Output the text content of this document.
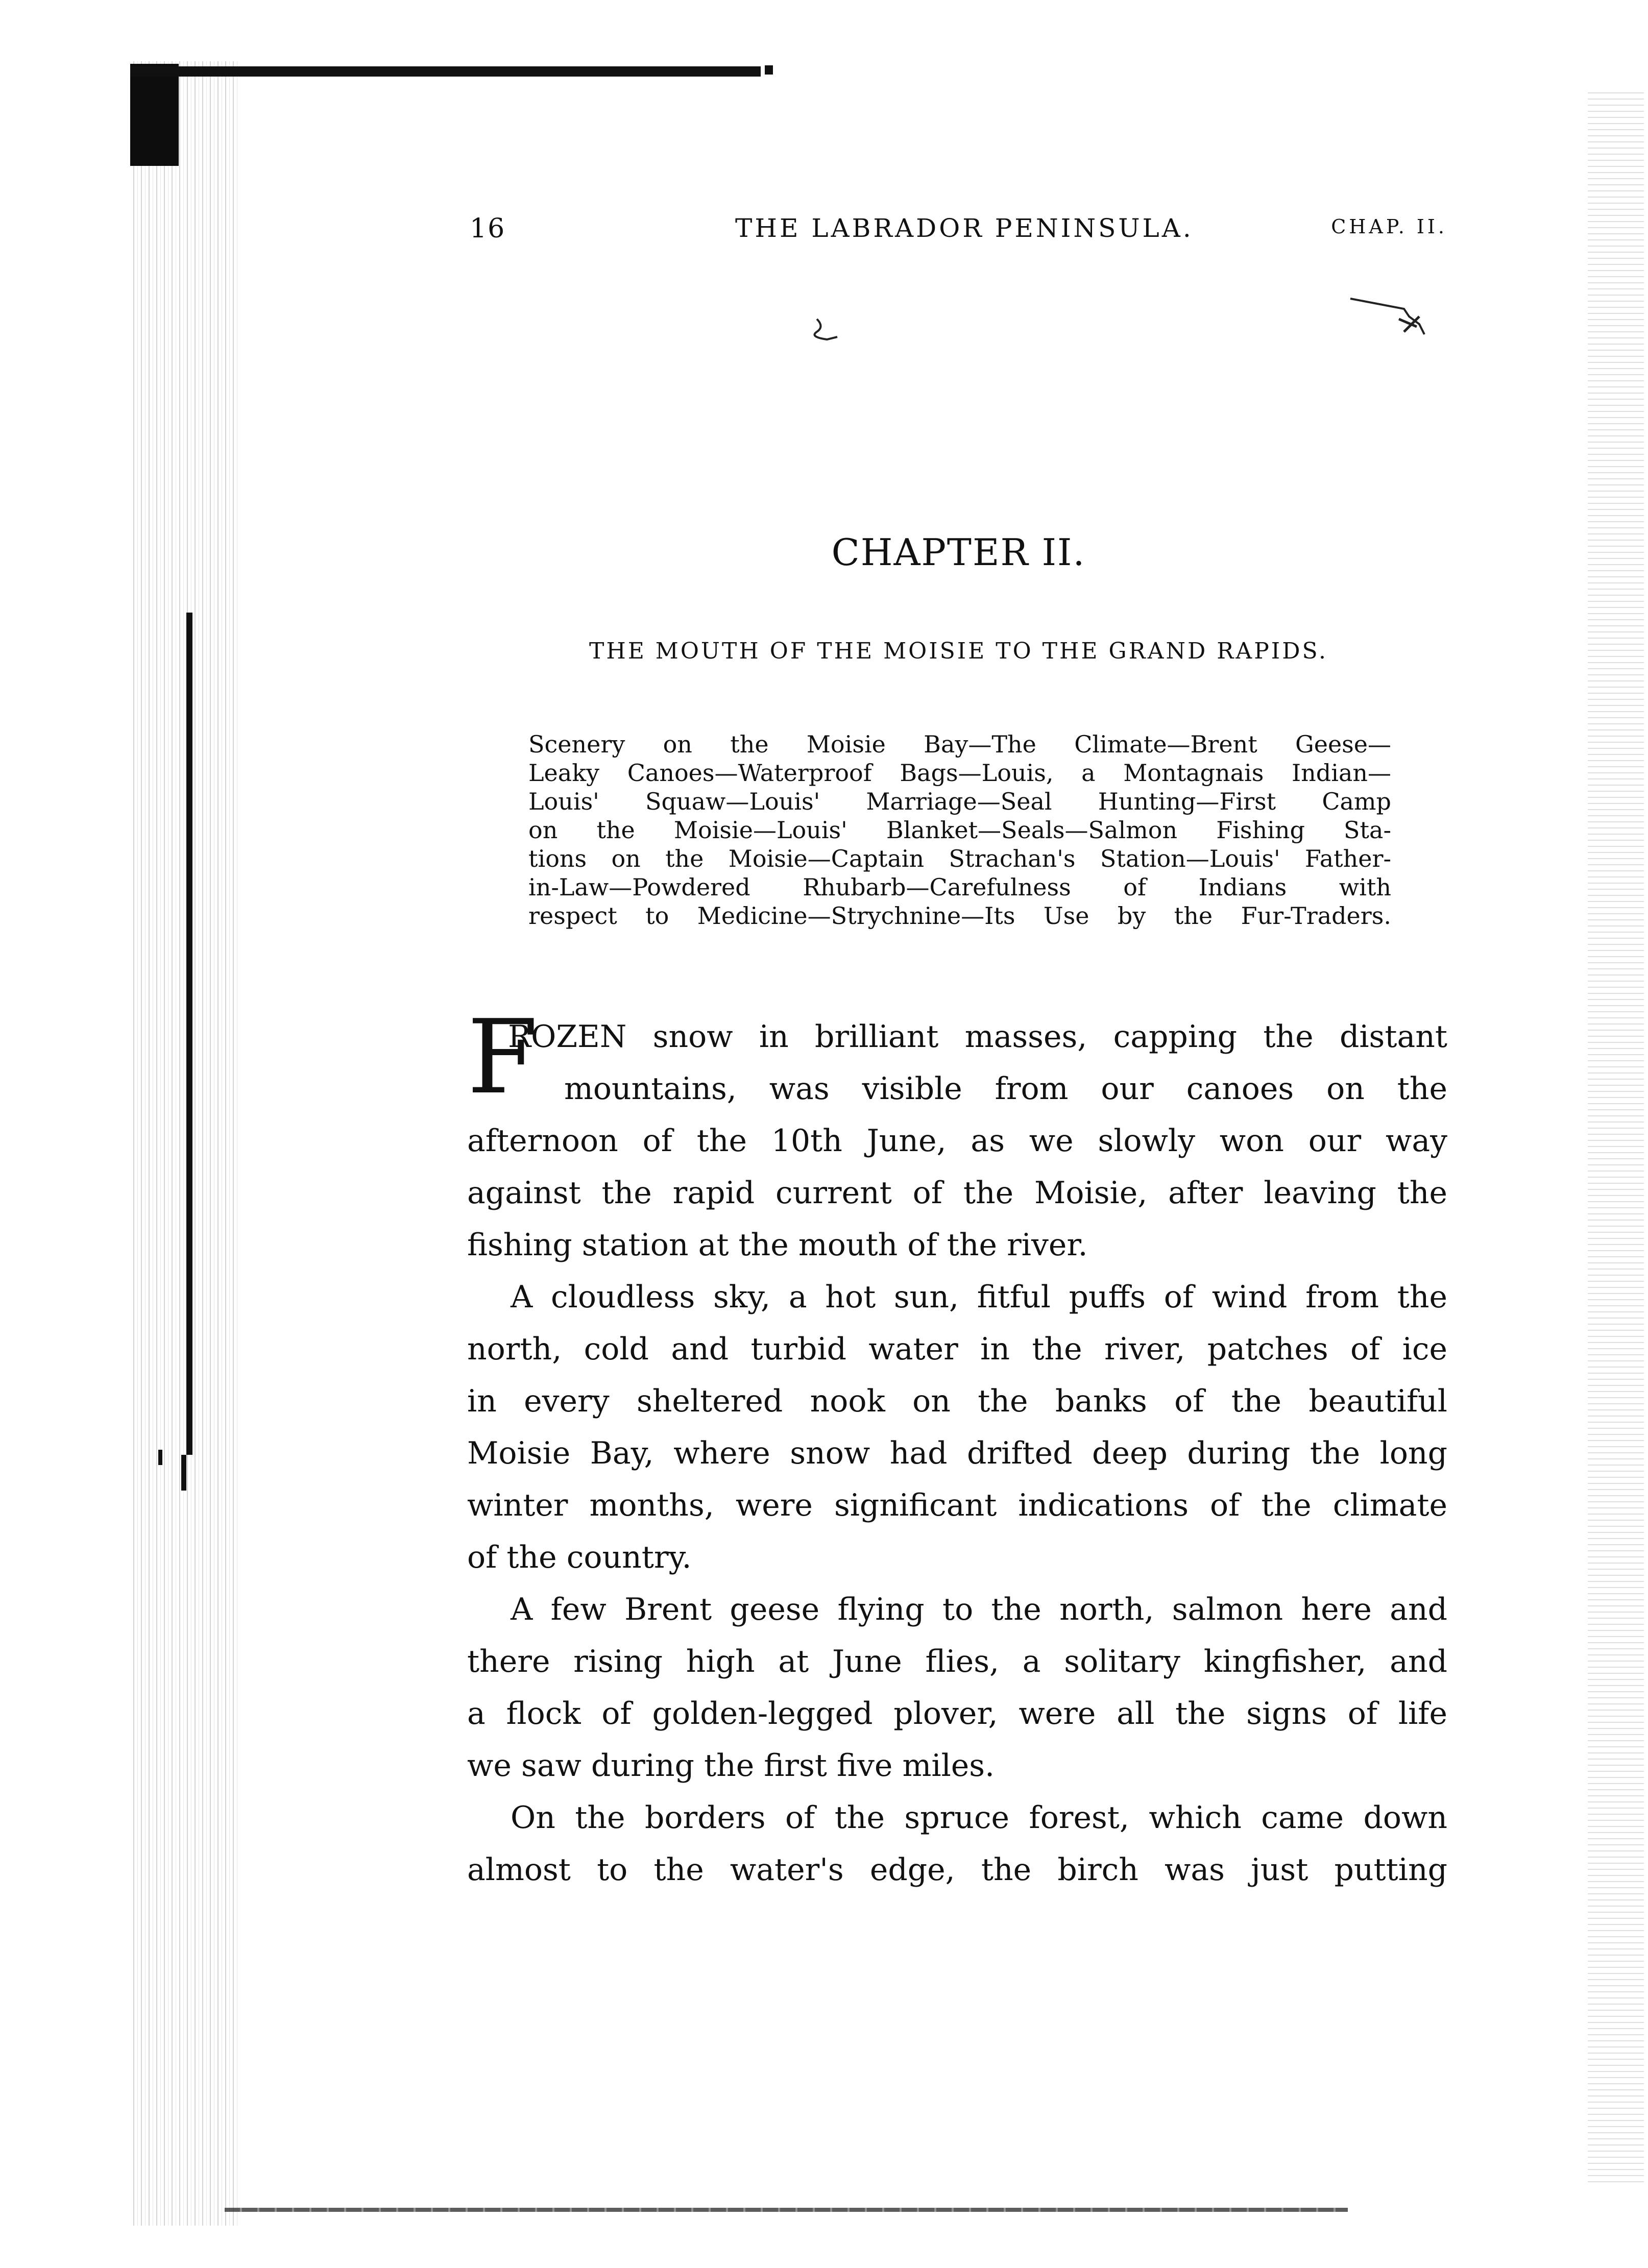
16	THE LABRADOR PENINSULA.	CHAP. II.
CHAPTER II.
THE MOUTH OF THE MOISIE TO THE GRAND RAPIDS.
Scenery on the Moisie Bay—The Climate—Brent Geese—
Leaky Canoes—Waterproof Bags—Louis, a Montagnais Indian—
Louis' Squaw—Louis' Marriage—Seal Hunting—First Camp
on the Moisie—Louis' Blanket—Seals—Salmon Fishing Sta-
tions on the Moisie—Captain Strachan's Station—Louis' Father-
in-Law—Powdered Rhubarb—Carefulness of Indians with
respect to Medicine—Strychnine—Its Use by the Fur-Traders.
F
ROZEN snow in brilliant masses, capping the distant
mountains, was visible from our canoes on the
afternoon of the 10th June, as we slowly won our way
against the rapid current of the Moisie, after leaving the
fishing station at the mouth of the river.
A cloudless sky, a hot sun, fitful puffs of wind from the
north, cold and turbid water in the river, patches of ice
in every sheltered nook on the banks of the beautiful
Moisie Bay, where snow had drifted deep during the long
winter months, were significant indications of the climate
of the country.
A few Brent geese flying to the north, salmon here and
there rising high at June flies, a solitary kingfisher, and
a flock of golden-legged plover, were all the signs of life
we saw during the first five miles.
On the borders of the spruce forest, which came down
almost to the water's edge, the birch was just putting
